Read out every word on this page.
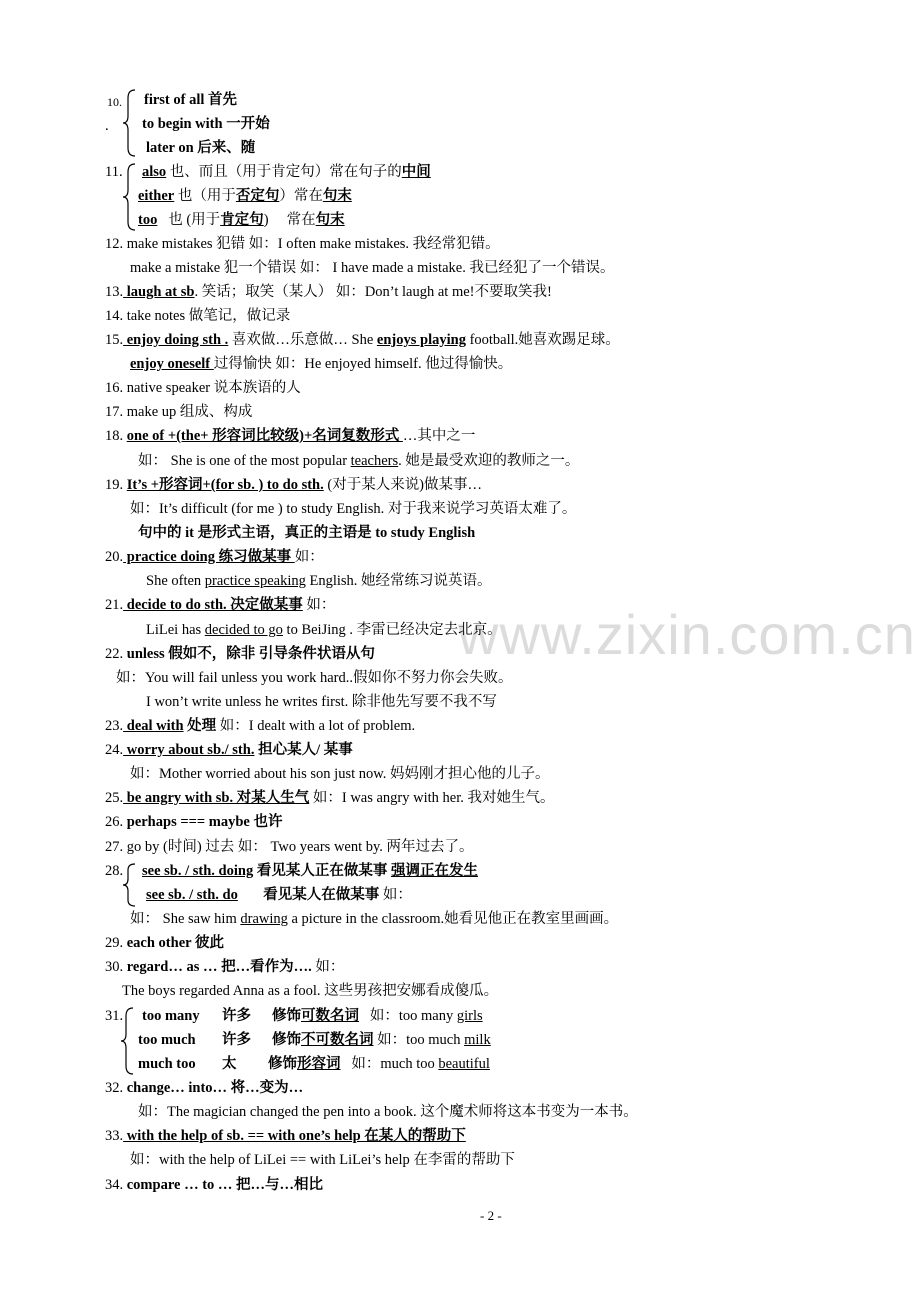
www.zixin.com.cn
10.
.
first of all 首先
to begin with 一开始
later on 后来、随
11. also 也、而且（用于肯定句）常在句子的中间
either 也（用于否定句）常在句末
too 也 (用于肯定句) 常在句末
12. make mistakes 犯错 如：I often make mistakes. 我经常犯错。
make a mistake 犯一个错误 如： I have made a mistake. 我已经犯了一个错误。
13. laugh at sb. 笑话；取笑（某人） 如：Don’t laugh at me!不要取笑我!
14. take notes 做笔记，做记录
15. enjoy doing sth . 喜欢做…乐意做… She enjoys playing football.她喜欢踢足球。
enjoy oneself 过得愉快 如：He enjoyed himself. 他过得愉快。
16. native speaker 说本族语的人
17. make up 组成、构成
18. one of +(the+ 形容词比较级)+名词复数形式 …其中之一
如： She is one of the most popular teachers. 她是最受欢迎的教师之一。
19. It’s +形容词+(for sb. ) to do sth. (对于某人来说)做某事…
如：It’s difficult (for me ) to study English. 对于我来说学习英语太难了。
句中的 it 是形式主语，真正的主语是 to study English
20. practice doing 练习做某事 如：
She often practice speaking English. 她经常练习说英语。
21. decide to do sth. 决定做某事 如：
LiLei has decided to go to BeiJing . 李雷已经决定去北京。
22. unless 假如不，除非 引导条件状语从句
如：You will fail unless you work hard..假如你不努力你会失败。
I won’t write unless he writes first. 除非他先写要不我不写
23. deal with 处理 如：I dealt with a lot of problem.
24. worry about sb./ sth. 担心某人/ 某事
如：Mother worried about his son just now. 妈妈刚才担心他的儿子。
25. be angry with sb. 对某人生气 如：I was angry with her. 我对她生气。
26. perhaps === maybe 也许
27. go by (时间) 过去 如： Two years went by. 两年过去了。
28. see sb. / sth. doing 看见某人正在做某事 强调正在发生
see sb. / sth. do 看见某人在做某事 如：
如： She saw him drawing a picture in the classroom.她看见他正在教室里画画。
29. each other 彼此
30. regard… as … 把…看作为…. 如：
The boys regarded Anna as a fool. 这些男孩把安娜看成傻瓜。
31. too many 许多 修饰可数名词   如：too many girls
too much 许多 修饰不可数名词 如：too much milk
much too 太 修饰形容词   如：much too beautiful
32. change… into… 将…变为…
如：The magician changed the pen into a book. 这个魔术师将这本书变为一本书。
33. with the help of sb. == with one’s help 在某人的帮助下
如：with the help of LiLei == with LiLei’s help 在李雷的帮助下
34. compare … to … 把…与…相比
- 2 -
